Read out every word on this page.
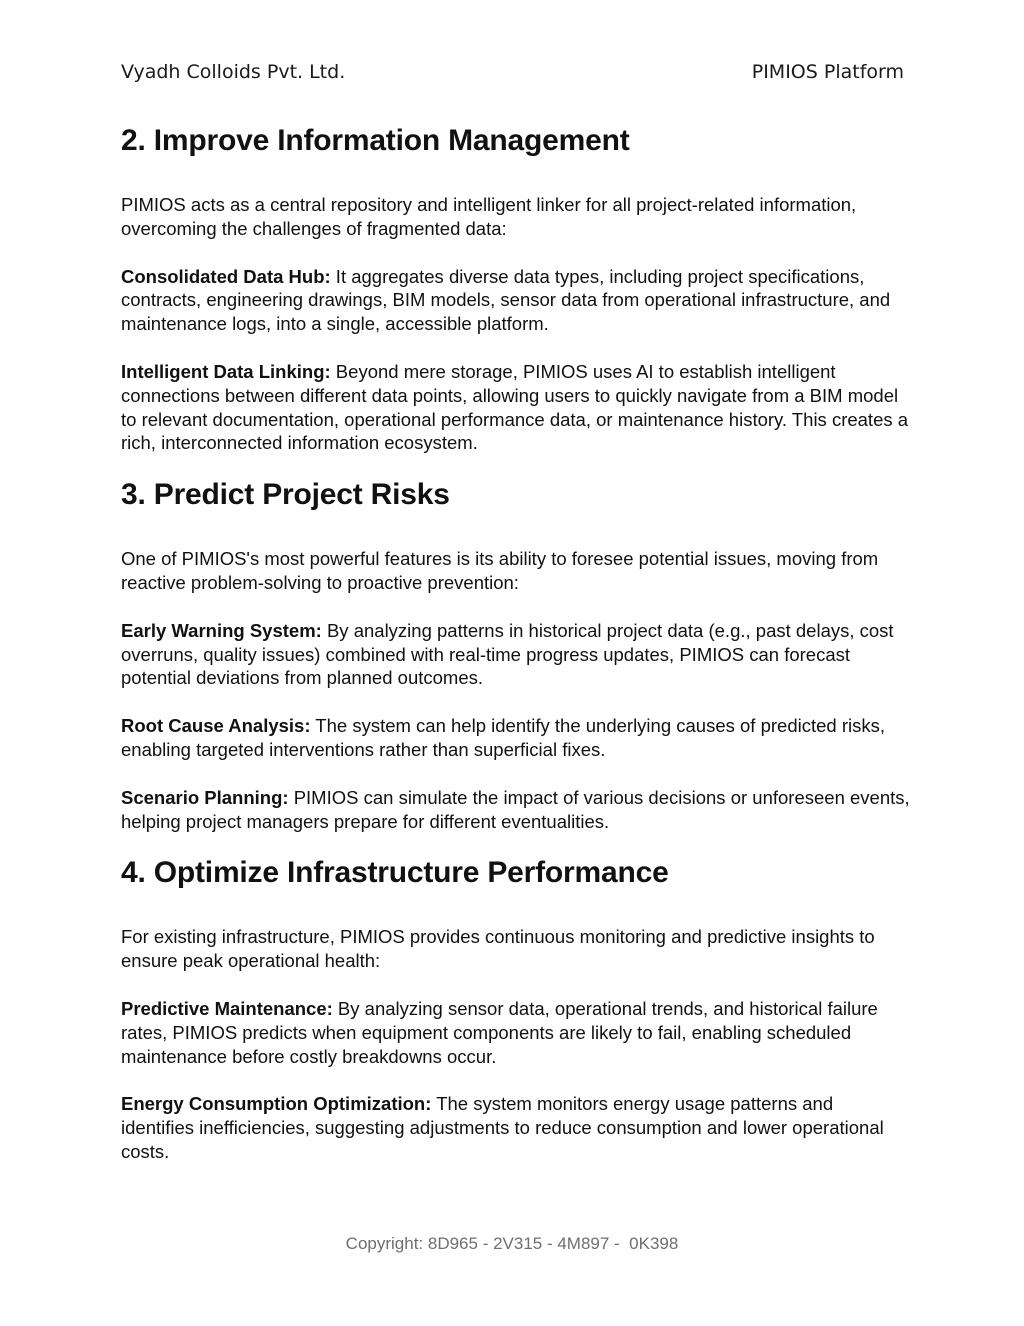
Vyadh Colloids Pvt. Ltd.	PIMIOS Platform
2. Improve Information Management

PIMIOS acts as a central repository and intelligent linker for all project-related information, overcoming the challenges of fragmented data:

Consolidated Data Hub: It aggregates diverse data types, including project specifications, contracts, engineering drawings, BIM models, sensor data from operational infrastructure, and maintenance logs, into a single, accessible platform.

Intelligent Data Linking: Beyond mere storage, PIMIOS uses AI to establish intelligent connections between different data points, allowing users to quickly navigate from a BIM model to relevant documentation, operational performance data, or maintenance history. This creates a rich, interconnected information ecosystem.

3. Predict Project Risks

One of PIMIOS's most powerful features is its ability to foresee potential issues, moving from reactive problem-solving to proactive prevention:

Early Warning System: By analyzing patterns in historical project data (e.g., past delays, cost overruns, quality issues) combined with real-time progress updates, PIMIOS can forecast potential deviations from planned outcomes.

Root Cause Analysis: The system can help identify the underlying causes of predicted risks, enabling targeted interventions rather than superficial fixes.

Scenario Planning: PIMIOS can simulate the impact of various decisions or unforeseen events, helping project managers prepare for different eventualities.

4. Optimize Infrastructure Performance

For existing infrastructure, PIMIOS provides continuous monitoring and predictive insights to ensure peak operational health:

Predictive Maintenance: By analyzing sensor data, operational trends, and historical failure rates, PIMIOS predicts when equipment components are likely to fail, enabling scheduled maintenance before costly breakdowns occur.

Energy Consumption Optimization: The system monitors energy usage patterns and identifies inefficiencies, suggesting adjustments to reduce consumption and lower operational costs.

Copyright: 8D965 - 2V315 - 4M897 -  0K398
